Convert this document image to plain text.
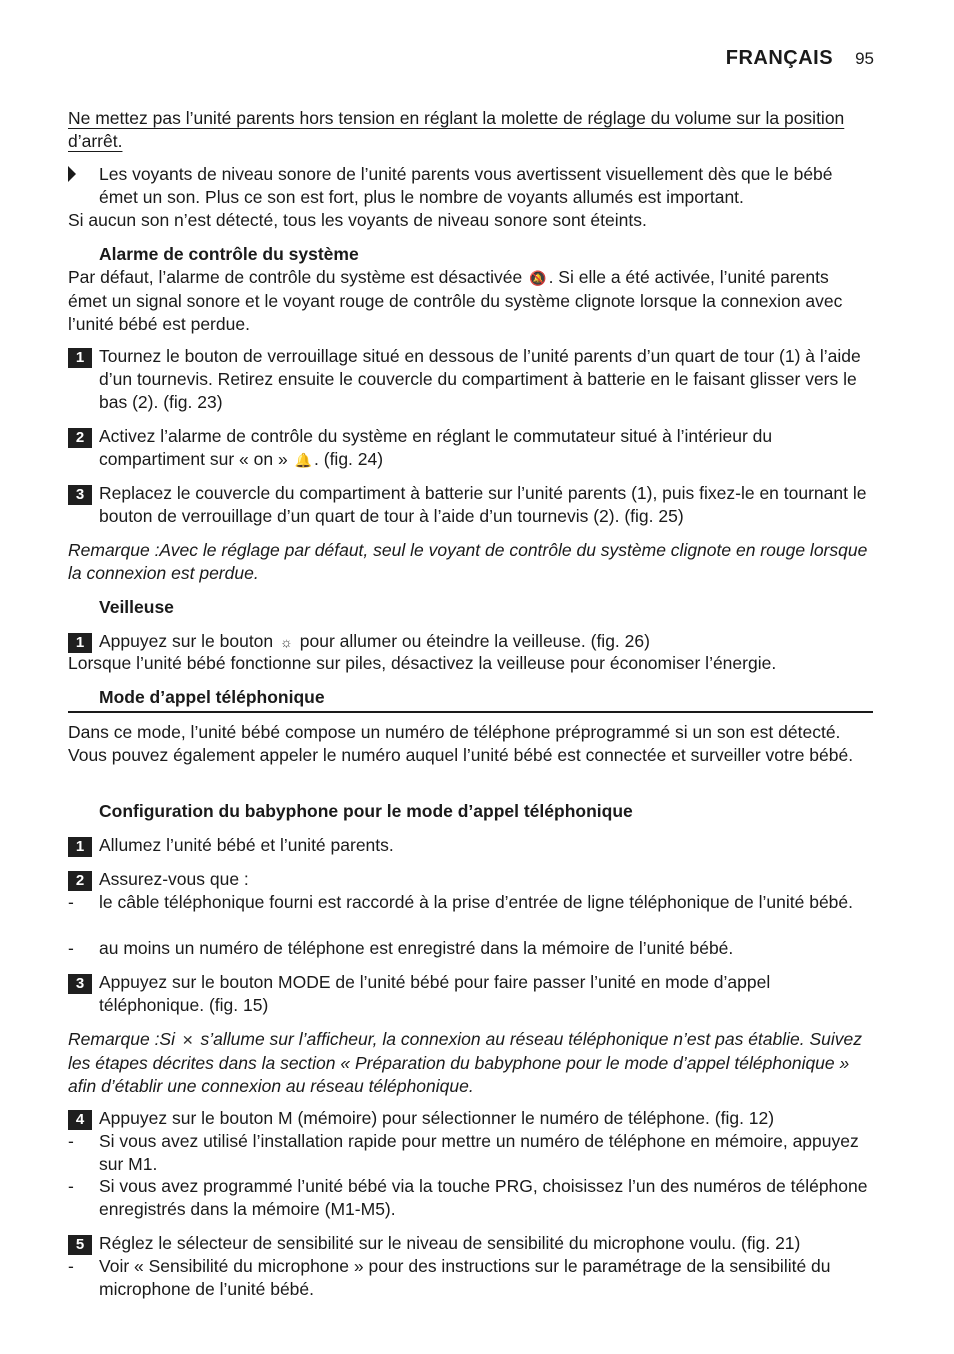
FRANÇAIS 95
Ne mettez pas l’unité parents hors tension en réglant la molette de réglage du volume sur la position d’arrêt.
Les voyants de niveau sonore de l’unité parents vous avertissent visuellement dès que le bébé émet un son. Plus ce son est fort, plus le nombre de voyants allumés est important.
Si aucun son n’est détecté, tous les voyants de niveau sonore sont éteints.
Alarme de contrôle du système
Par défaut, l’alarme de contrôle du système est désactivée 🔕 . Si elle a été activée, l’unité parents émet un signal sonore et le voyant rouge de contrôle du système clignote lorsque la connexion avec l’unité bébé est perdue.
1 Tournez le bouton de verrouillage situé en dessous de l’unité parents d’un quart de tour (1) à l’aide d’un tournevis. Retirez ensuite le couvercle du compartiment à batterie en le faisant glisser vers le bas (2). (fig. 23)
2 Activez l’alarme de contrôle du système en réglant le commutateur situé à l’intérieur du compartiment sur « on » 🔔 . (fig. 24)
3 Replacez le couvercle du compartiment à batterie sur l’unité parents (1), puis fixez-le en tournant le bouton de verrouillage d’un quart de tour à l’aide d’un tournevis (2). (fig. 25)
Remarque :Avec le réglage par défaut, seul le voyant de contrôle du système clignote en rouge lorsque la connexion est perdue.
Veilleuse
1 Appuyez sur le bouton ☼ pour allumer ou éteindre la veilleuse. (fig. 26)
Lorsque l’unité bébé fonctionne sur piles, désactivez la veilleuse pour économiser l’énergie.
Mode d’appel téléphonique
Dans ce mode, l’unité bébé compose un numéro de téléphone préprogrammé si un son est détecté. Vous pouvez également appeler le numéro auquel l’unité bébé est connectée et surveiller votre bébé.
Configuration du babyphone pour le mode d’appel téléphonique
1 Allumez l’unité bébé et l’unité parents.
2 Assurez-vous que :
- le câble téléphonique fourni est raccordé à la prise d’entrée de ligne téléphonique de l’unité bébé.
- au moins un numéro de téléphone est enregistré dans la mémoire de l’unité bébé.
3 Appuyez sur le bouton MODE de l’unité bébé pour faire passer l’unité en mode d’appel téléphonique. (fig. 15)
Remarque :Si ✕ s’allume sur l’afficheur, la connexion au réseau téléphonique n’est pas établie. Suivez les étapes décrites dans la section « Préparation du babyphone pour le mode d’appel téléphonique » afin d’établir une connexion au réseau téléphonique.
4 Appuyez sur le bouton M (mémoire) pour sélectionner le numéro de téléphone. (fig. 12)
- Si vous avez utilisé l’installation rapide pour mettre un numéro de téléphone en mémoire, appuyez sur M1.
- Si vous avez programmé l’unité bébé via la touche PRG, choisissez l’un des numéros de téléphone enregistrés dans la mémoire (M1-M5).
5 Réglez le sélecteur de sensibilité sur le niveau de sensibilité du microphone voulu. (fig. 21)
- Voir « Sensibilité du microphone » pour des instructions sur le paramétrage de la sensibilité du microphone de l’unité bébé.
